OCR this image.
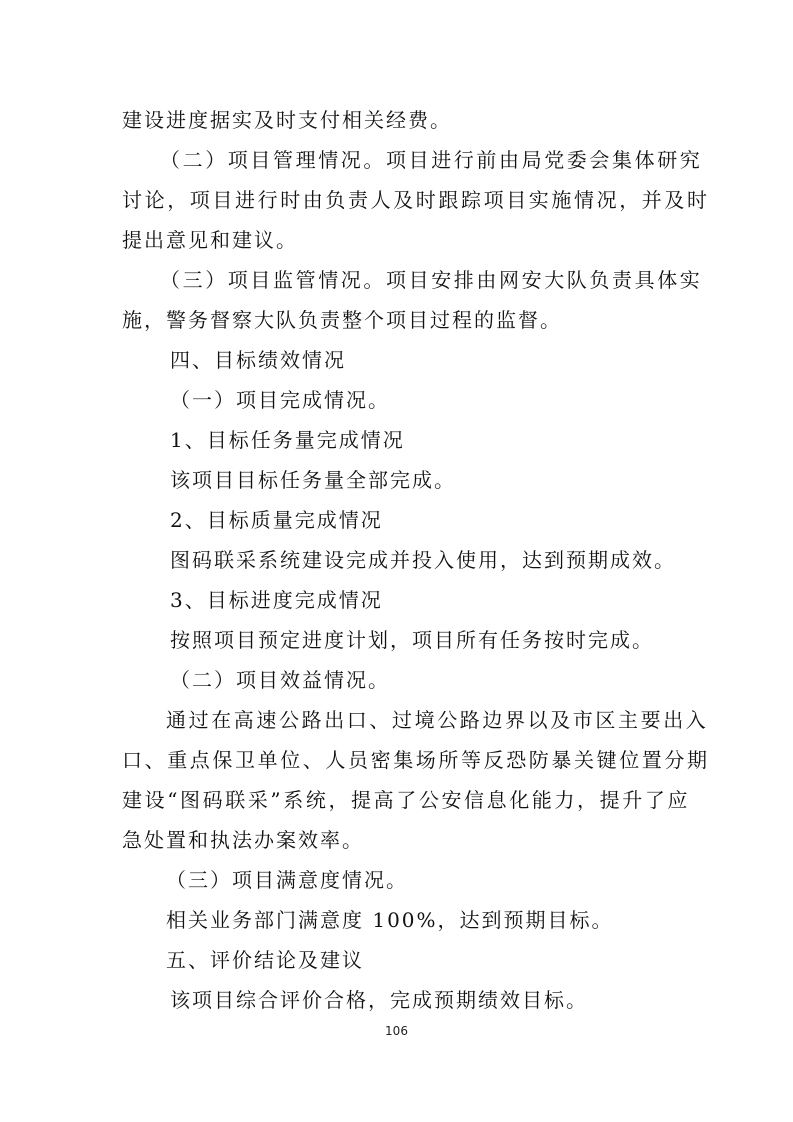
建设进度据实及时支付相关经费。
（二）项目管理情况。项目进行前由局党委会集体研究
讨论，项目进行时由负责人及时跟踪项目实施情况，并及时
提出意见和建议。
（三）项目监管情况。项目安排由网安大队负责具体实
施，警务督察大队负责整个项目过程的监督。
四、目标绩效情况
（一）项目完成情况。
1、目标任务量完成情况
该项目目标任务量全部完成。
2、目标质量完成情况
图码联采系统建设完成并投入使用，达到预期成效。
3、目标进度完成情况
按照项目预定进度计划，项目所有任务按时完成。
（二）项目效益情况。
通过在高速公路出口、过境公路边界以及市区主要出入
口、重点保卫单位、人员密集场所等反恐防暴关键位置分期
建设“图码联采”系统，提高了公安信息化能力，提升了应
急处置和执法办案效率。
（三）项目满意度情况。
相关业务部门满意度 100%，达到预期目标。
五、评价结论及建议
该项目综合评价合格，完成预期绩效目标。
106
